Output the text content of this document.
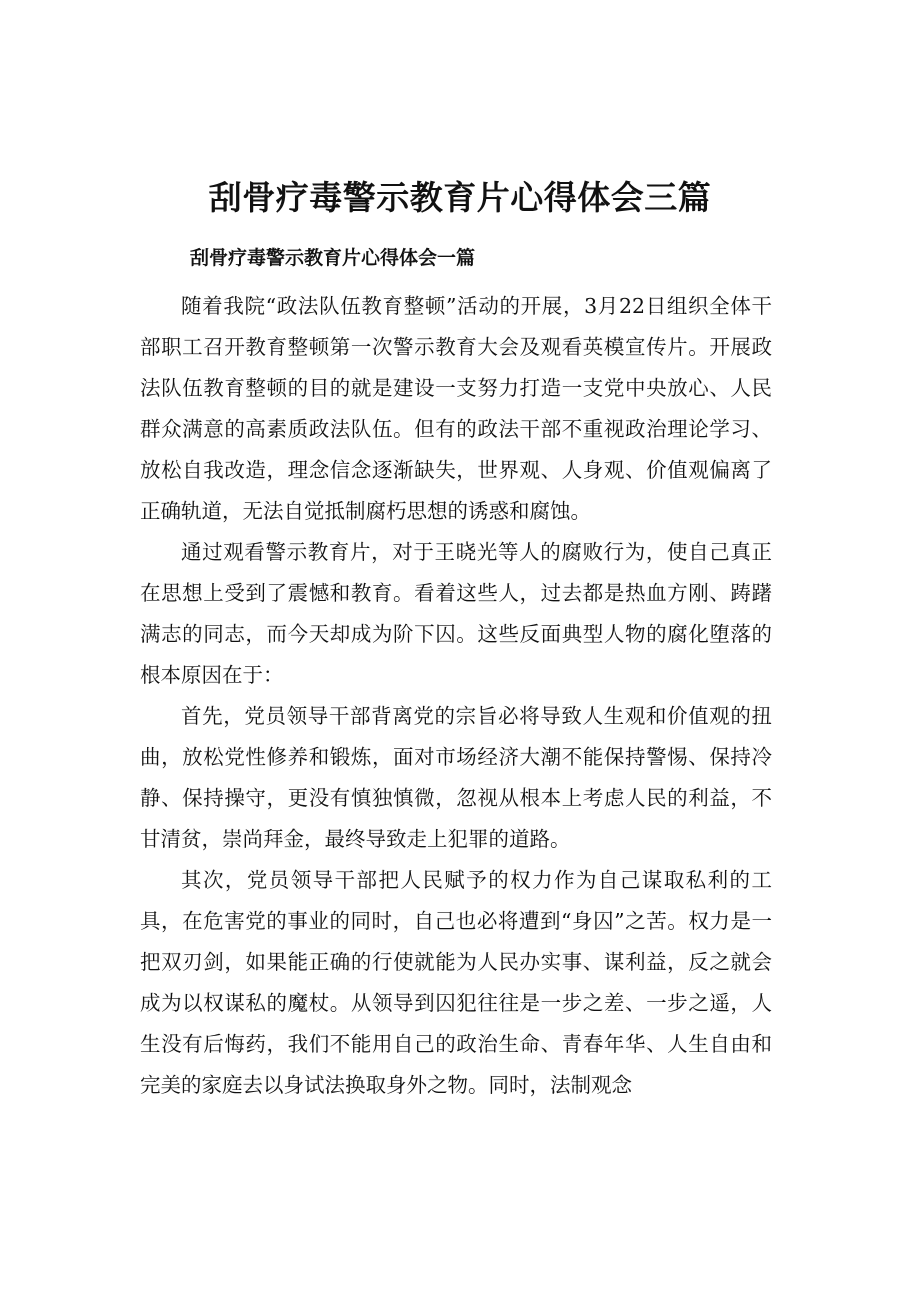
刮骨疗毒警示教育片心得体会三篇
刮骨疗毒警示教育片心得体会一篇

随着我院“政法队伍教育整顿”活动的开展，3月22日组织全体干部职工召开教育整顿第一次警示教育大会及观看英模宣传片。开展政法队伍教育整顿的目的就是建设一支努力打造一支党中央放心、人民群众满意的高素质政法队伍。但有的政法干部不重视政治理论学习、放松自我改造，理念信念逐渐缺失，世界观、人身观、价值观偏离了正确轨道，无法自觉抵制腐朽思想的诱惑和腐蚀。

通过观看警示教育片，对于王晓光等人的腐败行为，使自己真正在思想上受到了震憾和教育。看着这些人，过去都是热血方刚、踌躇满志的同志，而今天却成为阶下囚。这些反面典型人物的腐化堕落的根本原因在于：

首先，党员领导干部背离党的宗旨必将导致人生观和价值观的扭曲，放松党性修养和锻炼，面对市场经济大潮不能保持警惕、保持冷静、保持操守，更没有慎独慎微，忽视从根本上考虑人民的利益，不甘清贫，崇尚拜金，最终导致走上犯罪的道路。

其次，党员领导干部把人民赋予的权力作为自己谋取私利的工具，在危害党的事业的同时，自己也必将遭到“身囚”之苦。权力是一把双刃剑，如果能正确的行使就能为人民办实事、谋利益，反之就会成为以权谋私的魔杖。从领导到囚犯往往是一步之差、一步之遥，人生没有后悔药，我们不能用自己的政治生命、青春年华、人生自由和完美的家庭去以身试法换取身外之物。同时，法制观念
